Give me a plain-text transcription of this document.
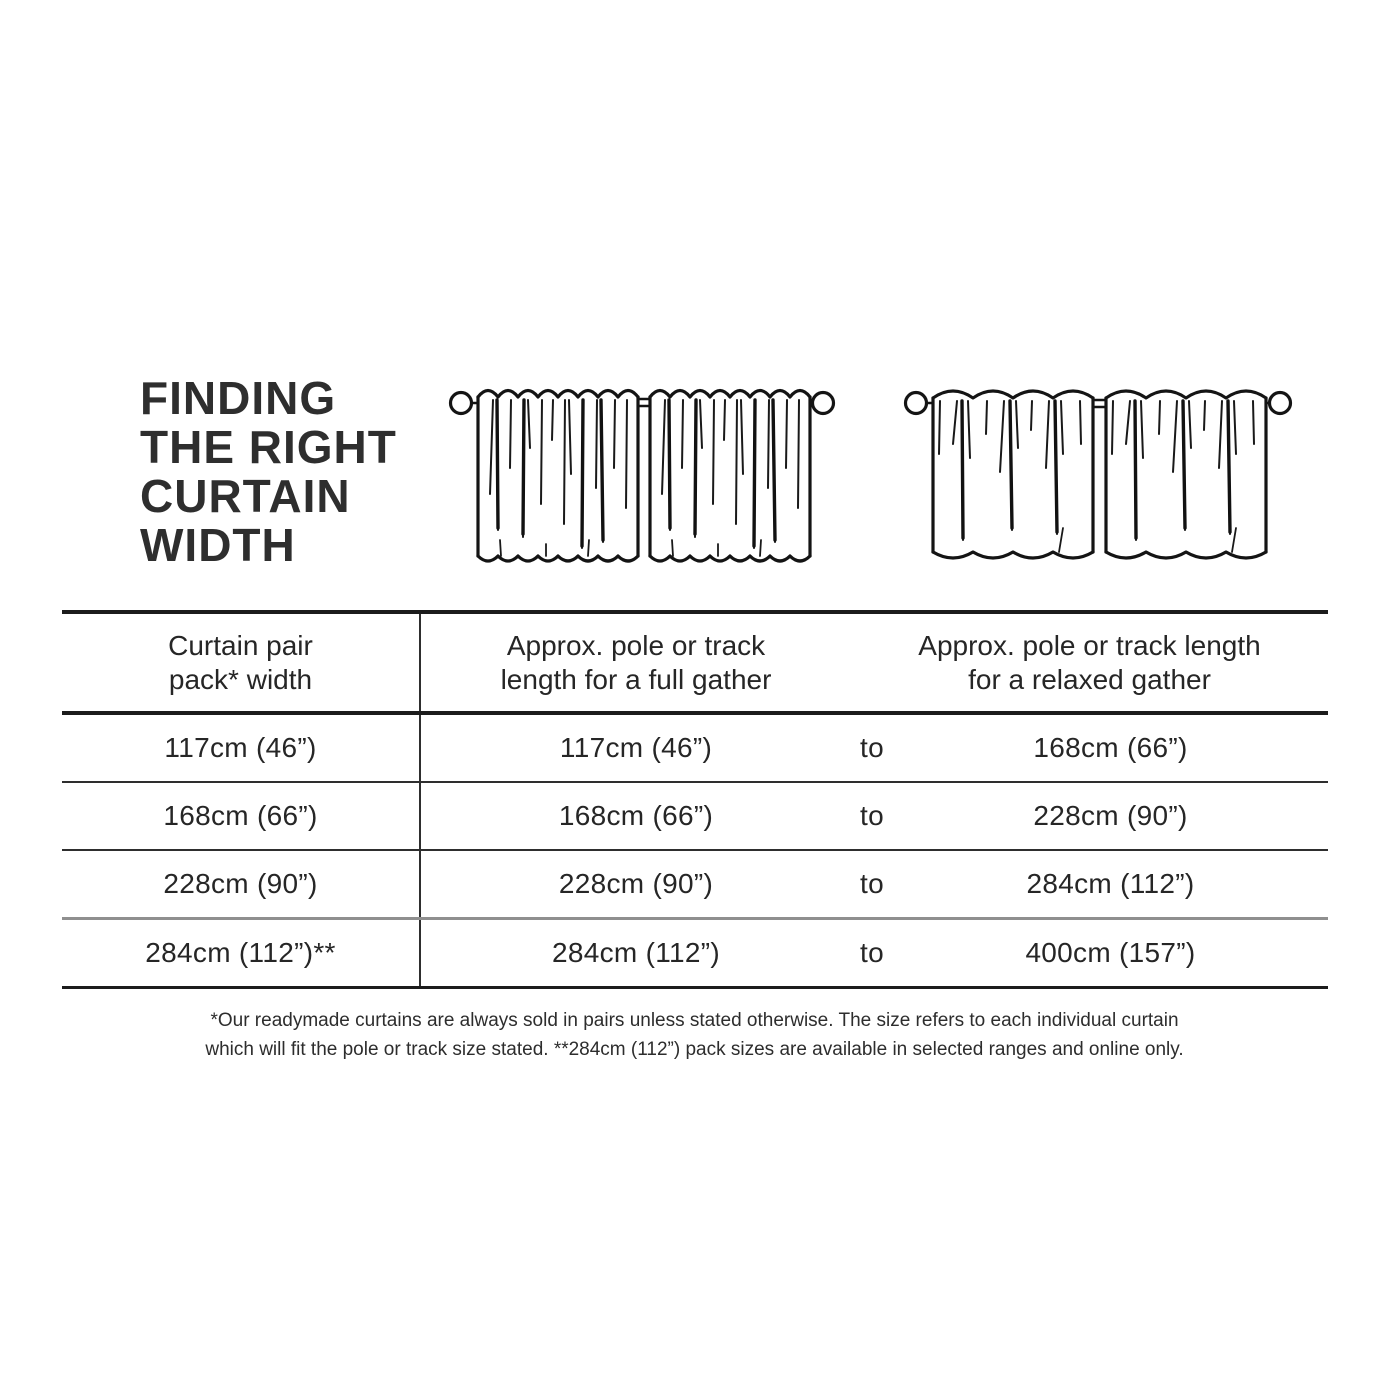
FINDING
THE RIGHT
CURTAIN
WIDTH
Curtain pair
pack* width
Approx. pole or track
length for a full gather
Approx. pole or track length
for a relaxed gather
117cm (46”)	117cm (46”)	to	168cm (66”)
168cm (66”)	168cm (66”)	to	228cm (90”)
228cm (90”)	228cm (90”)	to	284cm (112”)
284cm (112”)**	284cm (112”)	to	400cm (157”)
*Our readymade curtains are always sold in pairs unless stated otherwise. The size refers to each individual curtain
which will fit the pole or track size stated. **284cm (112”) pack sizes are available in selected ranges and online only.
